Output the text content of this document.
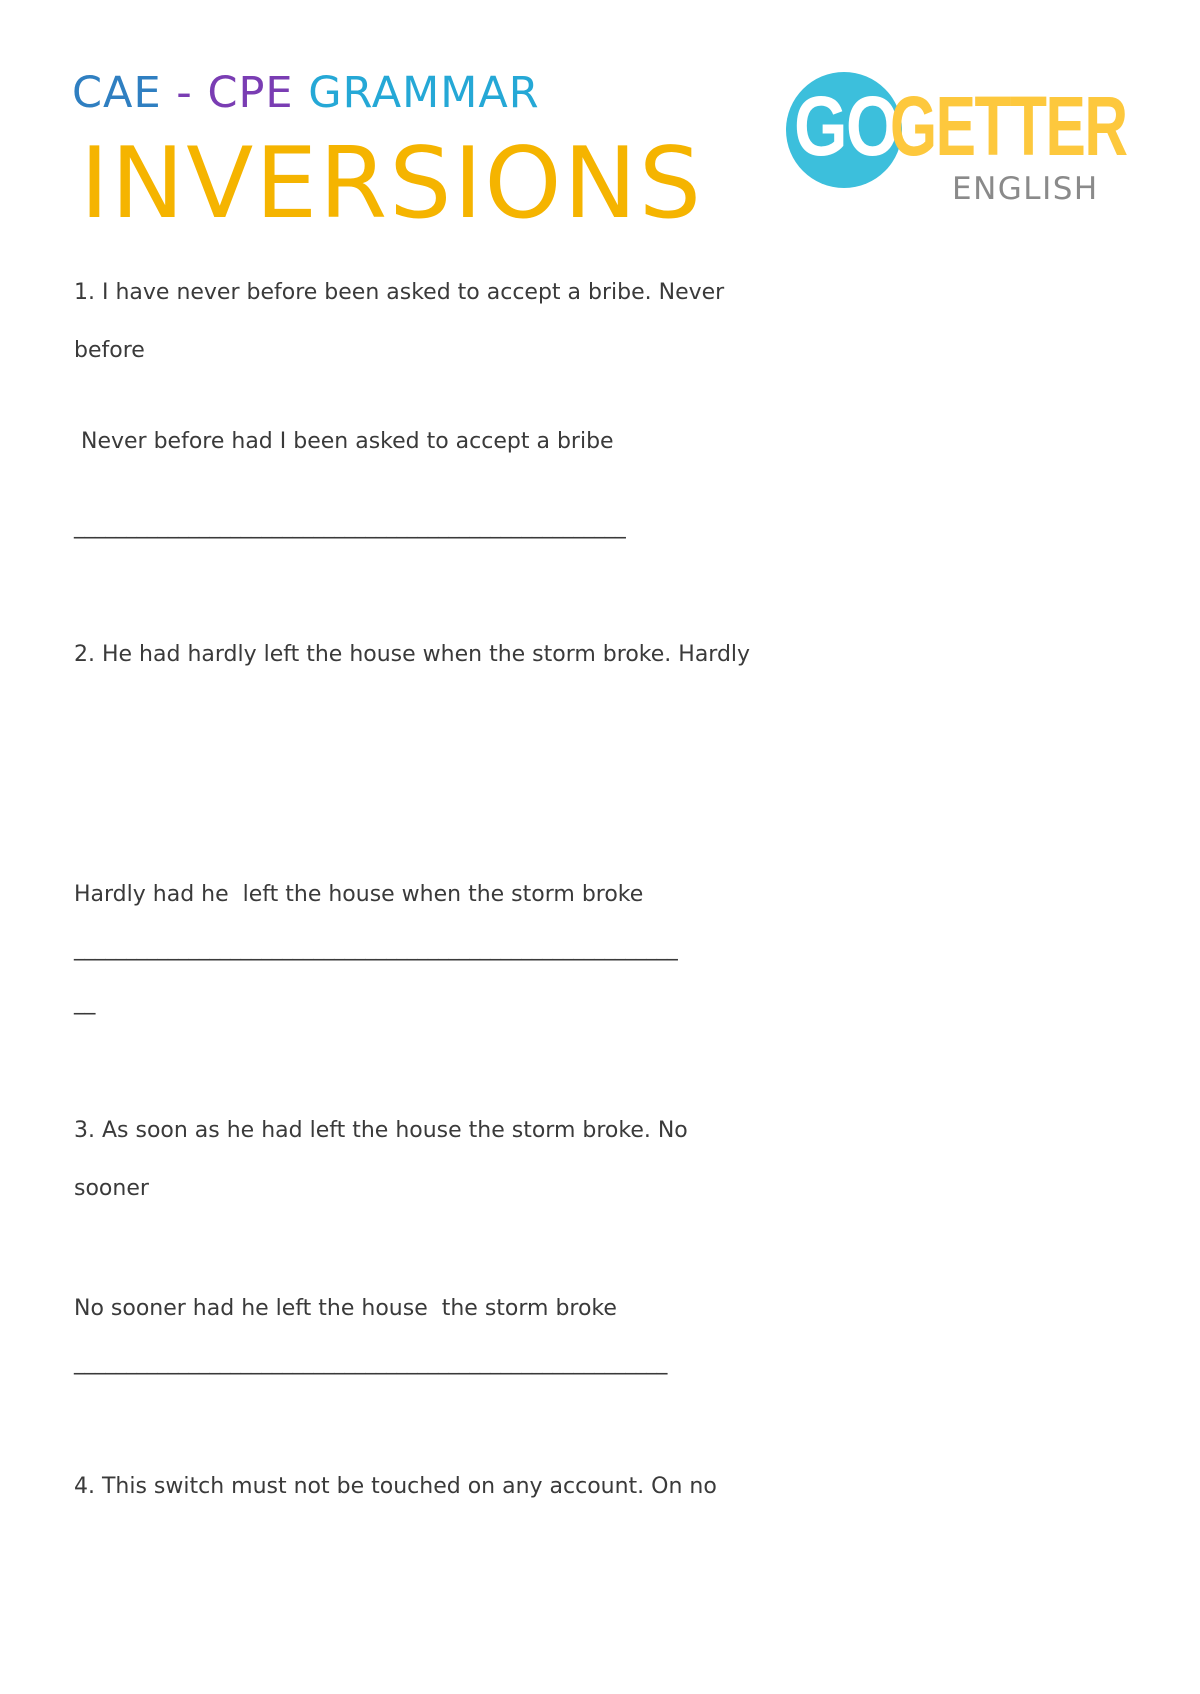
CAE - CPE GRAMMAR
INVERSIONS
GO
GETTER
ENGLISH
1. I have never before been asked to accept a bribe. Never
before
Never before had I been asked to accept a bribe
_____________________________________________________
2. He had hardly left the house when the storm broke. Hardly
Hardly had he  left the house when the storm broke
__________________________________________________________
__
3. As soon as he had left the house the storm broke. No
sooner
No sooner had he left the house  the storm broke
_________________________________________________________
4. This switch must not be touched on any account. On no
